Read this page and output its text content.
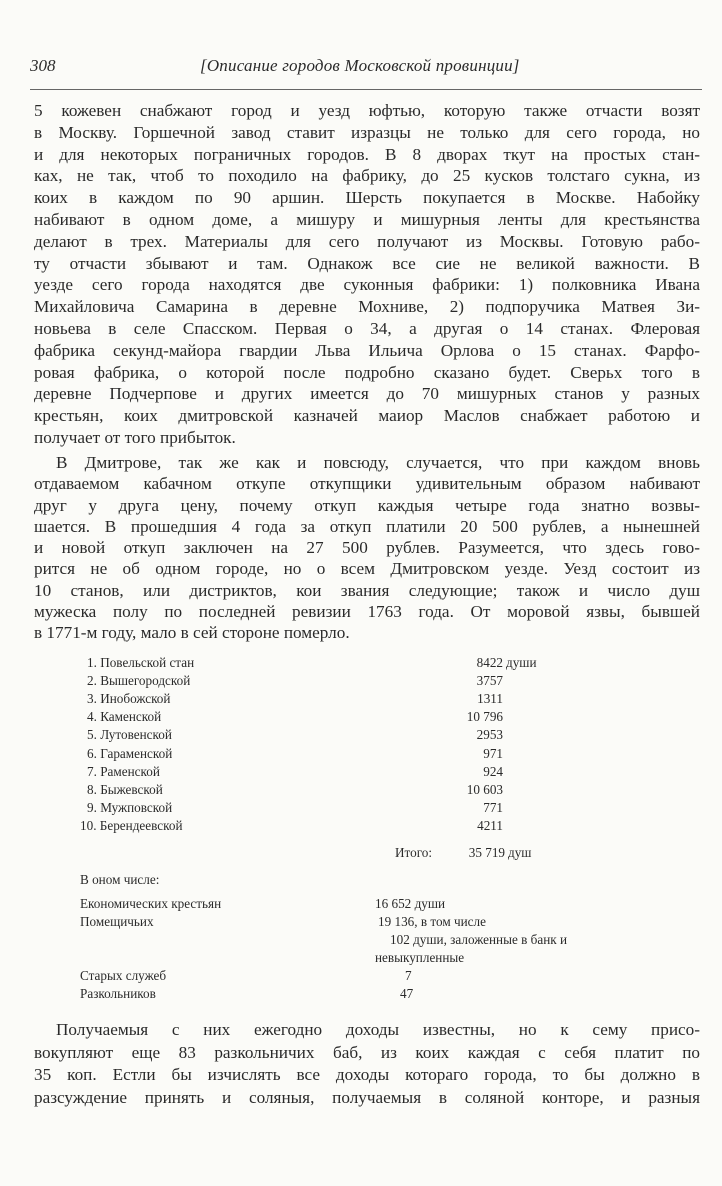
308	[Описание городов Московской провинции]
5 кожевен снабжают город и уезд юфтью, которую также отчасти возят
в Москву. Горшечной завод ставит изразцы не только для сего города, но
и для некоторых пограничных городов. В 8 дворах ткут на простых стан-
ках, не так, чтоб то походило на фабрику, до 25 кусков толстаго сукна, из
коих в каждом по 90 аршин. Шерсть покупается в Москве. Набойку
набивают в одном доме, а мишуру и мишурныя ленты для крестьянства
делают в трех. Материалы для сего получают из Москвы. Готовую рабо-
ту отчасти збывают и там. Однакож все сие не великой важности. В
уезде сего города находятся две суконныя фабрики: 1) полковника Ивана
Михайловича Самарина в деревне Мохниве, 2) подпоручика Матвея Зи-
новьева в селе Спасском. Первая о 34, а другая о 14 станах. Флеровая
фабрика секунд-майора гвардии Льва Ильича Орлова о 15 станах. Фарфо-
ровая фабрика, о которой после подробно сказано будет. Сверьх того в
деревне Подчерпове и других имеется до 70 мишурных станов у разных
крестьян, коих дмитровской казначей маиор Маслов снабжает работою и
получает от того прибыток.
В Дмитрове, так же как и повсюду, случается, что при каждом вновь
отдаваемом кабачном откупе откупщики удивительным образом набивают
друг у друга цену, почему откуп каждыя четыре года знатно возвы-
шается. В прошедшия 4 года за откуп платили 20 500 рублев, а нынешней
и новой откуп заключен на 27 500 рублев. Разумеется, что здесь гово-
рится не об одном городе, но о всем Дмитровском уезде. Уезд состоит из
10 станов, или дистриктов, кои звания следующие; також и число душ
мужеска полу по последней ревизии 1763 года. От моровой язвы, бывшей
в 1771-м году, мало в сей стороне померло.
1. Повельской стан	8422 души
2. Вышегородской	3757
3. Инобожской	1311
4. Каменской	10 796
5. Лутовенской	2953
6. Гараменской	971
7. Раменской	924
8. Быжевской	10 603
9. Мужповской	771
10. Берендеевской	4211
Итого:	35 719 душ
В оном числе:
Економических крестьян	16 652 души
Помещичьих	19 136, в том числе
102 души, заложенные в банк и
невыкупленные
Старых служеб	7
Разкольников	47
Получаемыя с них ежегодно доходы известны, но к сему присо-
вокупляют еще 83 разкольничих баб, из коих каждая с себя платит по
35 коп. Естли бы изчислять все доходы котораго города, то бы должно в
разсуждение принять и соляныя, получаемыя в соляной конторе, и разныя
